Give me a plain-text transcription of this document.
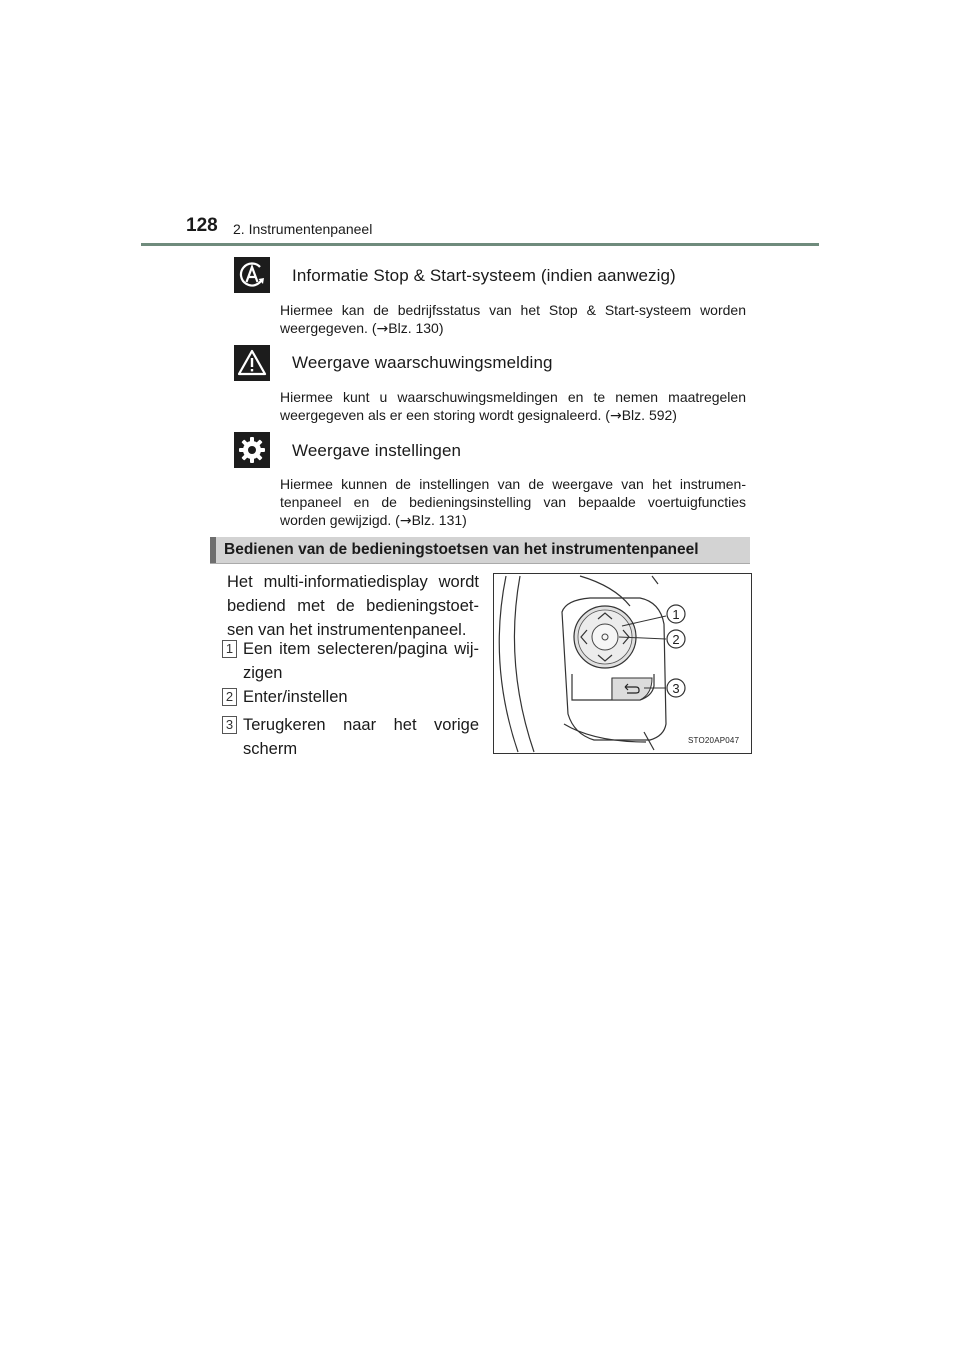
128 2. Instrumentenpaneel
Informatie Stop & Start-systeem (indien aanwezig)
Hiermee kan de bedrijfsstatus van het Stop & Start-systeem worden weergegeven. (→Blz. 130)
Weergave waarschuwingsmelding
Hiermee kunt u waarschuwingsmeldingen en te nemen maatregelen weergegeven als er een storing wordt gesignaleerd. (→Blz. 592)
Weergave instellingen
Hiermee kunnen de instellingen van de weergave van het instrumentenpaneel en de bedieningsinstelling van bepaalde voertuigfuncties worden gewijzigd. (→Blz. 131)
Bedienen van de bedieningstoetsen van het instrumentenpaneel
Het multi-informatiedisplay wordt bediend met de bedieningstoetsen van het instrumentenpaneel.
1 Een item selecteren/pagina wijzigen
2 Enter/instellen
3 Terugkeren naar het vorige scherm
1
2
3
STO20AP047
